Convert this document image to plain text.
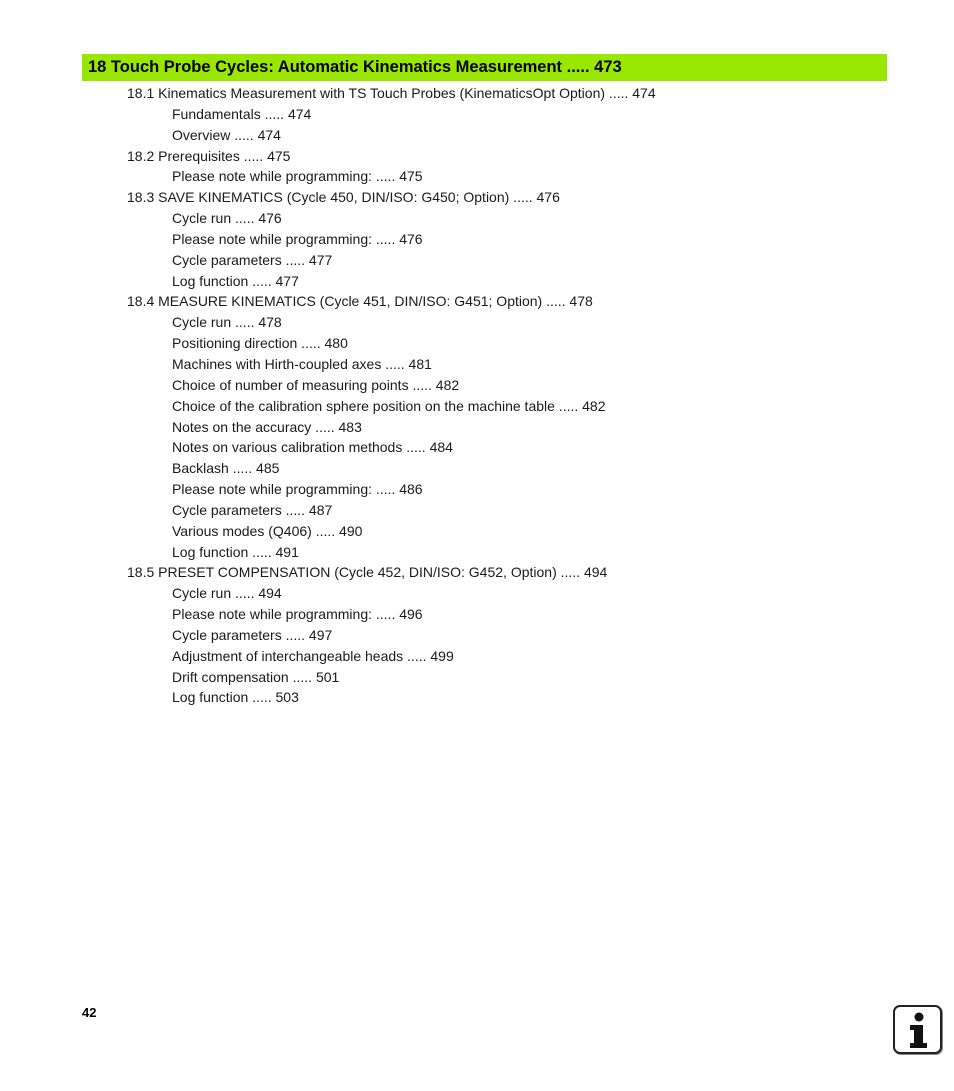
18 Touch Probe Cycles: Automatic Kinematics Measurement ..... 473
18.1 Kinematics Measurement with TS Touch Probes (KinematicsOpt Option) ..... 474
Fundamentals ..... 474
Overview ..... 474
18.2 Prerequisites ..... 475
Please note while programming: ..... 475
18.3 SAVE KINEMATICS (Cycle 450, DIN/ISO: G450; Option) ..... 476
Cycle run ..... 476
Please note while programming: ..... 476
Cycle parameters ..... 477
Log function ..... 477
18.4 MEASURE KINEMATICS (Cycle 451, DIN/ISO: G451; Option) ..... 478
Cycle run ..... 478
Positioning direction ..... 480
Machines with Hirth-coupled axes ..... 481
Choice of number of measuring points ..... 482
Choice of the calibration sphere position on the machine table ..... 482
Notes on the accuracy ..... 483
Notes on various calibration methods ..... 484
Backlash ..... 485
Please note while programming: ..... 486
Cycle parameters ..... 487
Various modes (Q406) ..... 490
Log function ..... 491
18.5 PRESET COMPENSATION (Cycle 452, DIN/ISO: G452, Option) ..... 494
Cycle run ..... 494
Please note while programming: ..... 496
Cycle parameters ..... 497
Adjustment of interchangeable heads ..... 499
Drift compensation ..... 501
Log function ..... 503
42
